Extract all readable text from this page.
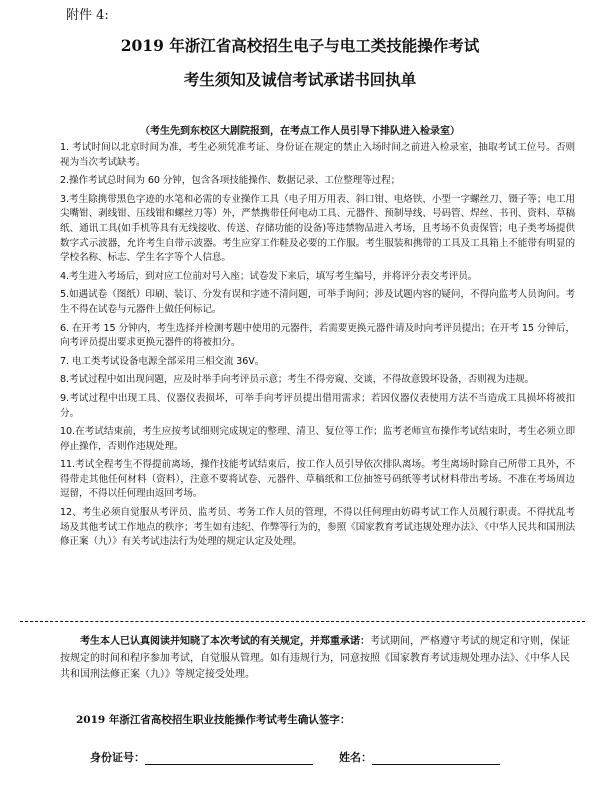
附件 4:
2019 年浙江省高校招生电子与电工类技能操作考试
考生须知及诚信考试承诺书回执单
（考生先到东校区大剧院报到，在考点工作人员引导下排队进入检录室）
1. 考试时间以北京时间为准，考生必须凭准考证、身份证在规定的禁止入场时间之前进入检录室，抽取考试工位号。否则视为当次考试缺考。
2.操作考试总时间为 60 分钟，包含各项技能操作、数据记录、工位整理等过程；
3.考生除携带黑色字迹的水笔和必需的专业操作工具（电子用万用表、斜口钳、电烙铁、小型一字螺丝刀、镊子等；电工用尖嘴钳、剥线钳、压线钳和螺丝刀等）外，严禁携带任何电动工具、元器件、预制导线、号码管、焊丝、书刊、资料、草稿纸、通讯工具(如手机等具有无线接收、传送、存储功能的设备)等违禁物品进入考场，且考场不负责保管；电子类考场提供数字式示波器，允许考生自带示波器。考生应穿工作鞋及必要的工作服。考生服装和携带的工具及工具箱上不能带有明显的学校名称、标志、学生名字等个人信息。
4.考生进入考场后，到对应工位前对号入座；试卷发下来后，填写考生编号，并将评分表交考评员。
5.如遇试卷（图纸）印刷、装订、分发有误和字迹不清问题，可举手询问；涉及试题内容的疑问，不得向监考人员询问。考生不得在试卷与元器件上做任何标记。
6. 在开考 15 分钟内，考生选择并检测考题中使用的元器件，若需要更换元器件请及时向考评员提出；在开考 15 分钟后，向考评员提出要求更换元器件的将被扣分。
7. 电工类考试设备电源全部采用三相交流 36V。
8.考试过程中如出现问题，应及时举手向考评员示意；考生不得旁窥、交谈，不得故意毁坏设备，否则视为违规。
9.考试过程中出现工具、仪器仪表损坏，可举手向考评员提出借用需求；若因仪器仪表使用方法不当造成工具损坏将被扣分。
10.在考试结束前，考生应按考试细则完成规定的整理、清卫、复位等工作；监考老师宣布操作考试结束时，考生必须立即停止操作，否则作违规处理。
11.考试全程考生不得提前离场，操作技能考试结束后，按工作人员引导依次排队离场。考生离场时除自己所带工具外，不得带走其他任何材料（资料），注意不要将试卷、元器件、草稿纸和工位抽签号码纸等考试材料带出考场。不准在考场周边逗留，不得以任何理由返回考场。
12、考生必须自觉服从考评员、监考员、考务工作人员的管理，不得以任何理由妨碍考试工作人员履行职责。不得扰乱考场及其他考试工作地点的秩序；考生如有违纪、作弊等行为的，参照《国家教育考试违规处理办法》、《中华人民共和国刑法修正案（九）》有关考试违法行为处理的规定认定及处理。
考生本人已认真阅读并知晓了本次考试的有关规定，并郑重承诺：考试期间，严格遵守考试的规定和守则，保证按规定的时间和程序参加考试，自觉服从管理。如有违规行为，同意按照《国家教育考试违规处理办法》、《中华人民共和国刑法修正案（九）》等规定接受处理。
2019 年浙江省高校招生职业技能操作考试考生确认签字：
身份证号：	姓名：
